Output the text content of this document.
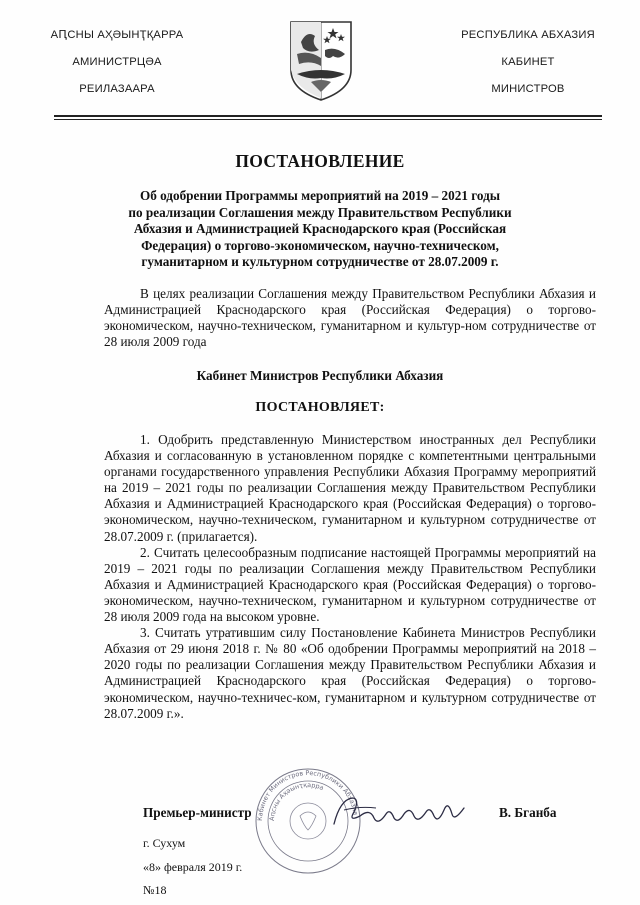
АԤСНЫ АҲӘЫНҬҚАРРА
АМИНИСТРЦӘА
РЕИЛАЗААРА
РЕСПУБЛИКА АБХАЗИЯ
КАБИНЕТ
МИНИСТРОВ
ПОСТАНОВЛЕНИЕ
Об одобрении Программы мероприятий на 2019 – 2021 годы
по реализации Соглашения между Правительством Республики
Абхазия и Администрацией Краснодарского края (Российская
Федерация) о торгово-экономическом, научно-техническом,
гуманитарном и культурном сотрудничестве от 28.07.2009 г.
В целях реализации Соглашения между Правительством Республики Абхазия и Администрацией Краснодарского края (Российская Федерация) о торгово-экономическом, научно-техническом, гуманитарном и культур-ном сотрудничестве от 28 июля 2009 года
Кабинет Министров Республики Абхазия
ПОСТАНОВЛЯЕТ:

1. Одобрить представленную Министерством иностранных дел Республики Абхазия и согласованную в установленном порядке с компетентными центральными органами государственного управления Республики Абхазия Программу мероприятий на 2019 – 2021 годы по реализации Соглашения между Правительством Республики Абхазия и Администрацией Краснодарского края (Российская Федерация) о торгово-экономическом, научно-техническом, гуманитарном и культурном сотрудничестве от 28.07.2009 г. (прилагается).

2. Считать целесообразным подписание настоящей Программы мероприятий на 2019 – 2021 годы по реализации Соглашения между Правительством Республики Абхазия и Администрацией Краснодарского края (Российская Федерация) о торгово-экономическом, научно-техническом, гуманитарном и культурном сотрудничестве от 28 июля 2009 года на высоком уровне.

3. Считать утратившим силу Постановление Кабинета Министров Республики Абхазия от 29 июня 2018 г. № 80 «Об одобрении Программы мероприятий на 2018 – 2020 годы по реализации Соглашения между Правительством Республики Абхазия и Администрацией Краснодарского края (Российская Федерация) о торгово-экономическом, научно-техничес-ком, гуманитарном и культурном сотрудничестве от 28.07.2009 г.».

Кабинет Министров Республики Абхазия
Аԥсны Аҳәынҭқарра
Премьер-министр	В. Бганба
г. Сухум
«8» февраля 2019 г.
№18
